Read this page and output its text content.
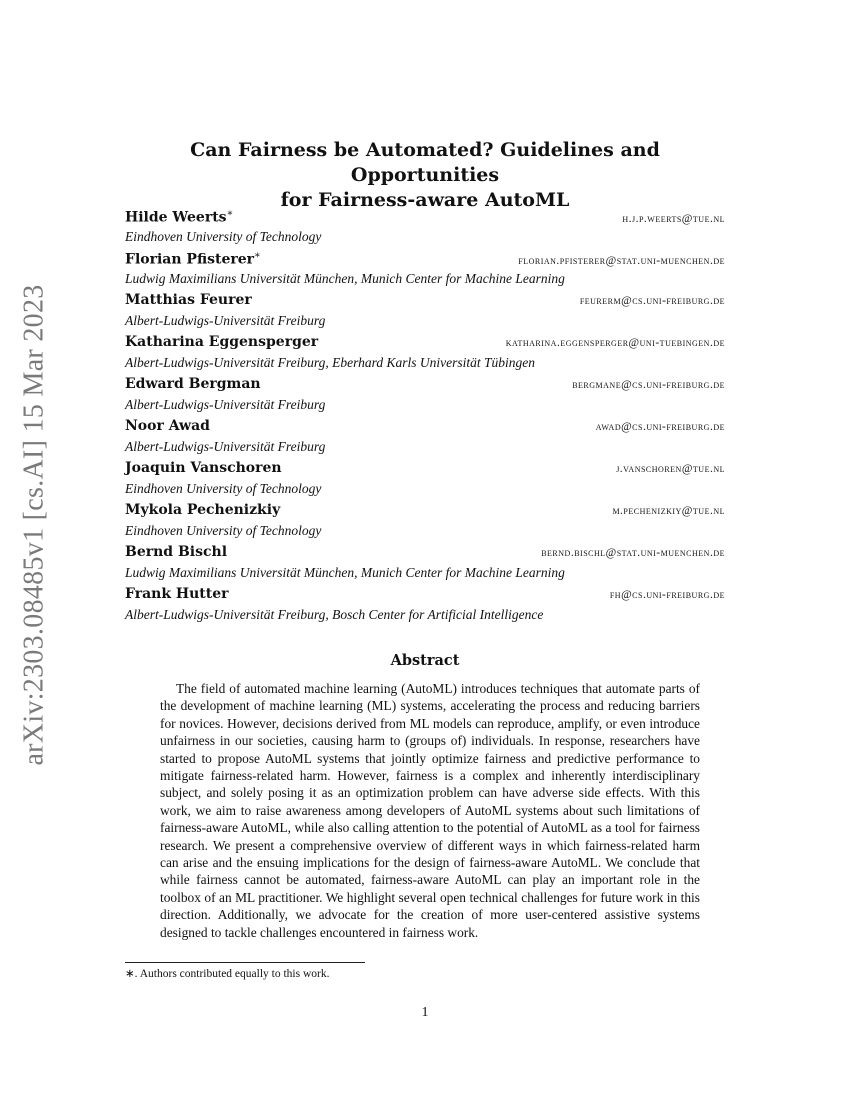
arXiv:2303.08485v1 [cs.AI] 15 Mar 2023
Can Fairness be Automated? Guidelines and Opportunities
for Fairness-aware AutoML
Hilde Weerts∗	h.j.p.weerts@tue.nl
Eindhoven University of Technology
Florian Pfisterer∗	florian.pfisterer@stat.uni-muenchen.de
Ludwig Maximilians Universität München, Munich Center for Machine Learning
Matthias Feurer	feurerm@cs.uni-freiburg.de
Albert-Ludwigs-Universität Freiburg
Katharina Eggensperger	katharina.eggensperger@uni-tuebingen.de
Albert-Ludwigs-Universität Freiburg, Eberhard Karls Universität Tübingen
Edward Bergman	bergmane@cs.uni-freiburg.de
Albert-Ludwigs-Universität Freiburg
Noor Awad	awad@cs.uni-freiburg.de
Albert-Ludwigs-Universität Freiburg
Joaquin Vanschoren	j.vanschoren@tue.nl
Eindhoven University of Technology
Mykola Pechenizkiy	m.pechenizkiy@tue.nl
Eindhoven University of Technology
Bernd Bischl	bernd.bischl@stat.uni-muenchen.de
Ludwig Maximilians Universität München, Munich Center for Machine Learning
Frank Hutter	fh@cs.uni-freiburg.de
Albert-Ludwigs-Universität Freiburg, Bosch Center for Artificial Intelligence
Abstract

The field of automated machine learning (AutoML) introduces techniques that automate parts of the development of machine learning (ML) systems, accelerating the process and reducing barriers for novices. However, decisions derived from ML models can reproduce, amplify, or even introduce unfairness in our societies, causing harm to (groups of) individuals. In response, researchers have started to propose AutoML systems that jointly optimize fairness and predictive performance to mitigate fairness-related harm. However, fairness is a complex and inherently interdisciplinary subject, and solely posing it as an optimization problem can have adverse side effects. With this work, we aim to raise awareness among developers of AutoML systems about such limitations of fairness-aware AutoML, while also calling attention to the potential of AutoML as a tool for fairness research. We present a comprehensive overview of different ways in which fairness-related harm can arise and the ensuing implications for the design of fairness-aware AutoML. We conclude that while fairness cannot be automated, fairness-aware AutoML can play an important role in the toolbox of an ML practitioner. We highlight several open technical challenges for future work in this direction. Additionally, we advocate for the creation of more user-centered assistive systems designed to tackle challenges encountered in fairness work.

∗. Authors contributed equally to this work.
1
